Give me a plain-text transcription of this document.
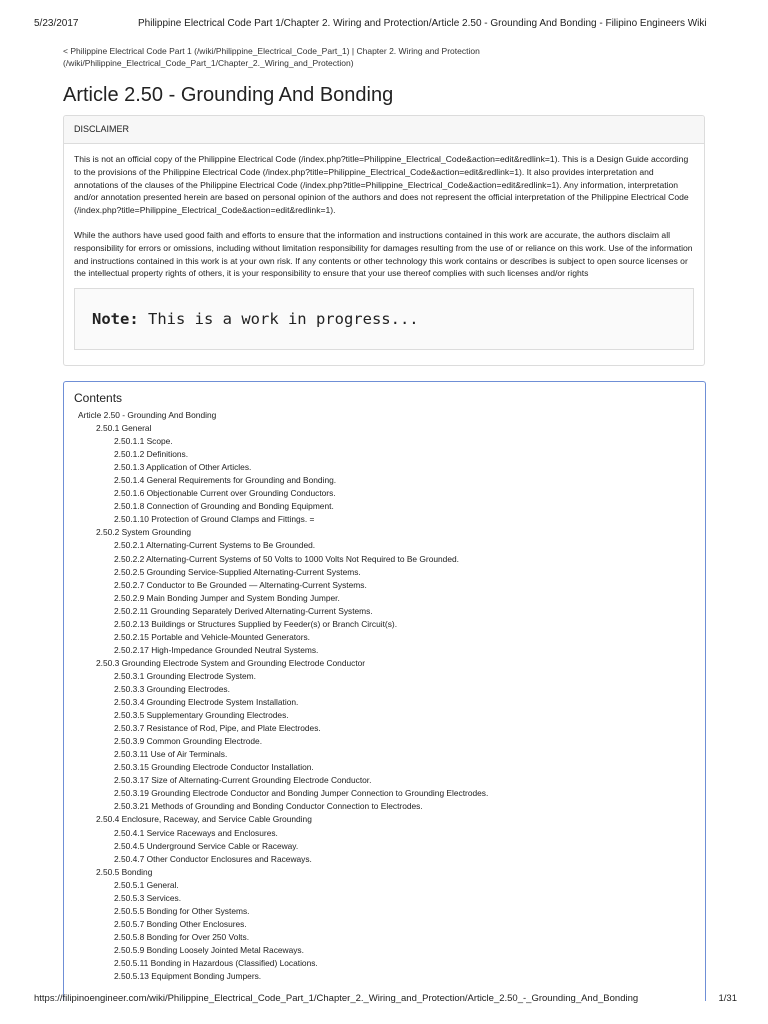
5/23/2017	Philippine Electrical Code Part 1/Chapter 2. Wiring and Protection/Article 2.50 - Grounding And Bonding - Filipino Engineers Wiki
< Philippine Electrical Code Part 1 (/wiki/Philippine_Electrical_Code_Part_1) | Chapter 2. Wiring and Protection
(/wiki/Philippine_Electrical_Code_Part_1/Chapter_2._Wiring_and_Protection)
Article 2.50 - Grounding And Bonding
DISCLAIMER

This is not an official copy of the Philippine Electrical Code (/index.php?title=Philippine_Electrical_Code&action=edit&redlink=1). This is a Design Guide according to the provisions of the Philippine Electrical Code (/index.php?title=Philippine_Electrical_Code&action=edit&redlink=1). It also provides interpretation and annotations of the clauses of the Philippine Electrical Code (/index.php?title=Philippine_Electrical_Code&action=edit&redlink=1). Any information, interpretation and/or annotation presented herein are based on personal opinion of the authors and does not represent the official interpretation of the Philippine Electrical Code (/index.php?title=Philippine_Electrical_Code&action=edit&redlink=1).

While the authors have used good faith and efforts to ensure that the information and instructions contained in this work are accurate, the authors disclaim all responsibility for errors or omissions, including without limitation responsibility for damages resulting from the use of or reliance on this work. Use of the information and instructions contained in this work is at your own risk. If any contents or other technology this work contains or describes is subject to open source licenses or the intellectual property rights of others, it is your responsibility to ensure that your use thereof complies with such licenses and/or rights

Note: This is a work in progress...
Contents
Article 2.50 - Grounding And Bonding
2.50.1 General
2.50.1.1 Scope.
2.50.1.2 Definitions.
2.50.1.3 Application of Other Articles.
2.50.1.4 General Requirements for Grounding and Bonding.
2.50.1.6 Objectionable Current over Grounding Conductors.
2.50.1.8 Connection of Grounding and Bonding Equipment.
2.50.1.10 Protection of Ground Clamps and Fittings. =
2.50.2 System Grounding
2.50.2.1 Alternating-Current Systems to Be Grounded.
2.50.2.2 Alternating-Current Systems of 50 Volts to 1000 Volts Not Required to Be Grounded.
2.50.2.5 Grounding Service-Supplied Alternating-Current Systems.
2.50.2.7 Conductor to Be Grounded — Alternating-Current Systems.
2.50.2.9 Main Bonding Jumper and System Bonding Jumper.
2.50.2.11 Grounding Separately Derived Alternating-Current Systems.
2.50.2.13 Buildings or Structures Supplied by Feeder(s) or Branch Circuit(s).
2.50.2.15 Portable and Vehicle-Mounted Generators.
2.50.2.17 High-Impedance Grounded Neutral Systems.
2.50.3 Grounding Electrode System and Grounding Electrode Conductor
2.50.3.1 Grounding Electrode System.
2.50.3.3 Grounding Electrodes.
2.50.3.4 Grounding Electrode System Installation.
2.50.3.5 Supplementary Grounding Electrodes.
2.50.3.7 Resistance of Rod, Pipe, and Plate Electrodes.
2.50.3.9 Common Grounding Electrode.
2.50.3.11 Use of Air Terminals.
2.50.3.15 Grounding Electrode Conductor Installation.
2.50.3.17 Size of Alternating-Current Grounding Electrode Conductor.
2.50.3.19 Grounding Electrode Conductor and Bonding Jumper Connection to Grounding Electrodes.
2.50.3.21 Methods of Grounding and Bonding Conductor Connection to Electrodes.
2.50.4 Enclosure, Raceway, and Service Cable Grounding
2.50.4.1 Service Raceways and Enclosures.
2.50.4.5 Underground Service Cable or Raceway.
2.50.4.7 Other Conductor Enclosures and Raceways.
2.50.5 Bonding
2.50.5.1 General.
2.50.5.3 Services.
2.50.5.5 Bonding for Other Systems.
2.50.5.7 Bonding Other Enclosures.
2.50.5.8 Bonding for Over 250 Volts.
2.50.5.9 Bonding Loosely Jointed Metal Raceways.
2.50.5.11 Bonding in Hazardous (Classified) Locations.
2.50.5.13 Equipment Bonding Jumpers.
https://filipinoengineer.com/wiki/Philippine_Electrical_Code_Part_1/Chapter_2._Wiring_and_Protection/Article_2.50_-_Grounding_And_Bonding	1/31
